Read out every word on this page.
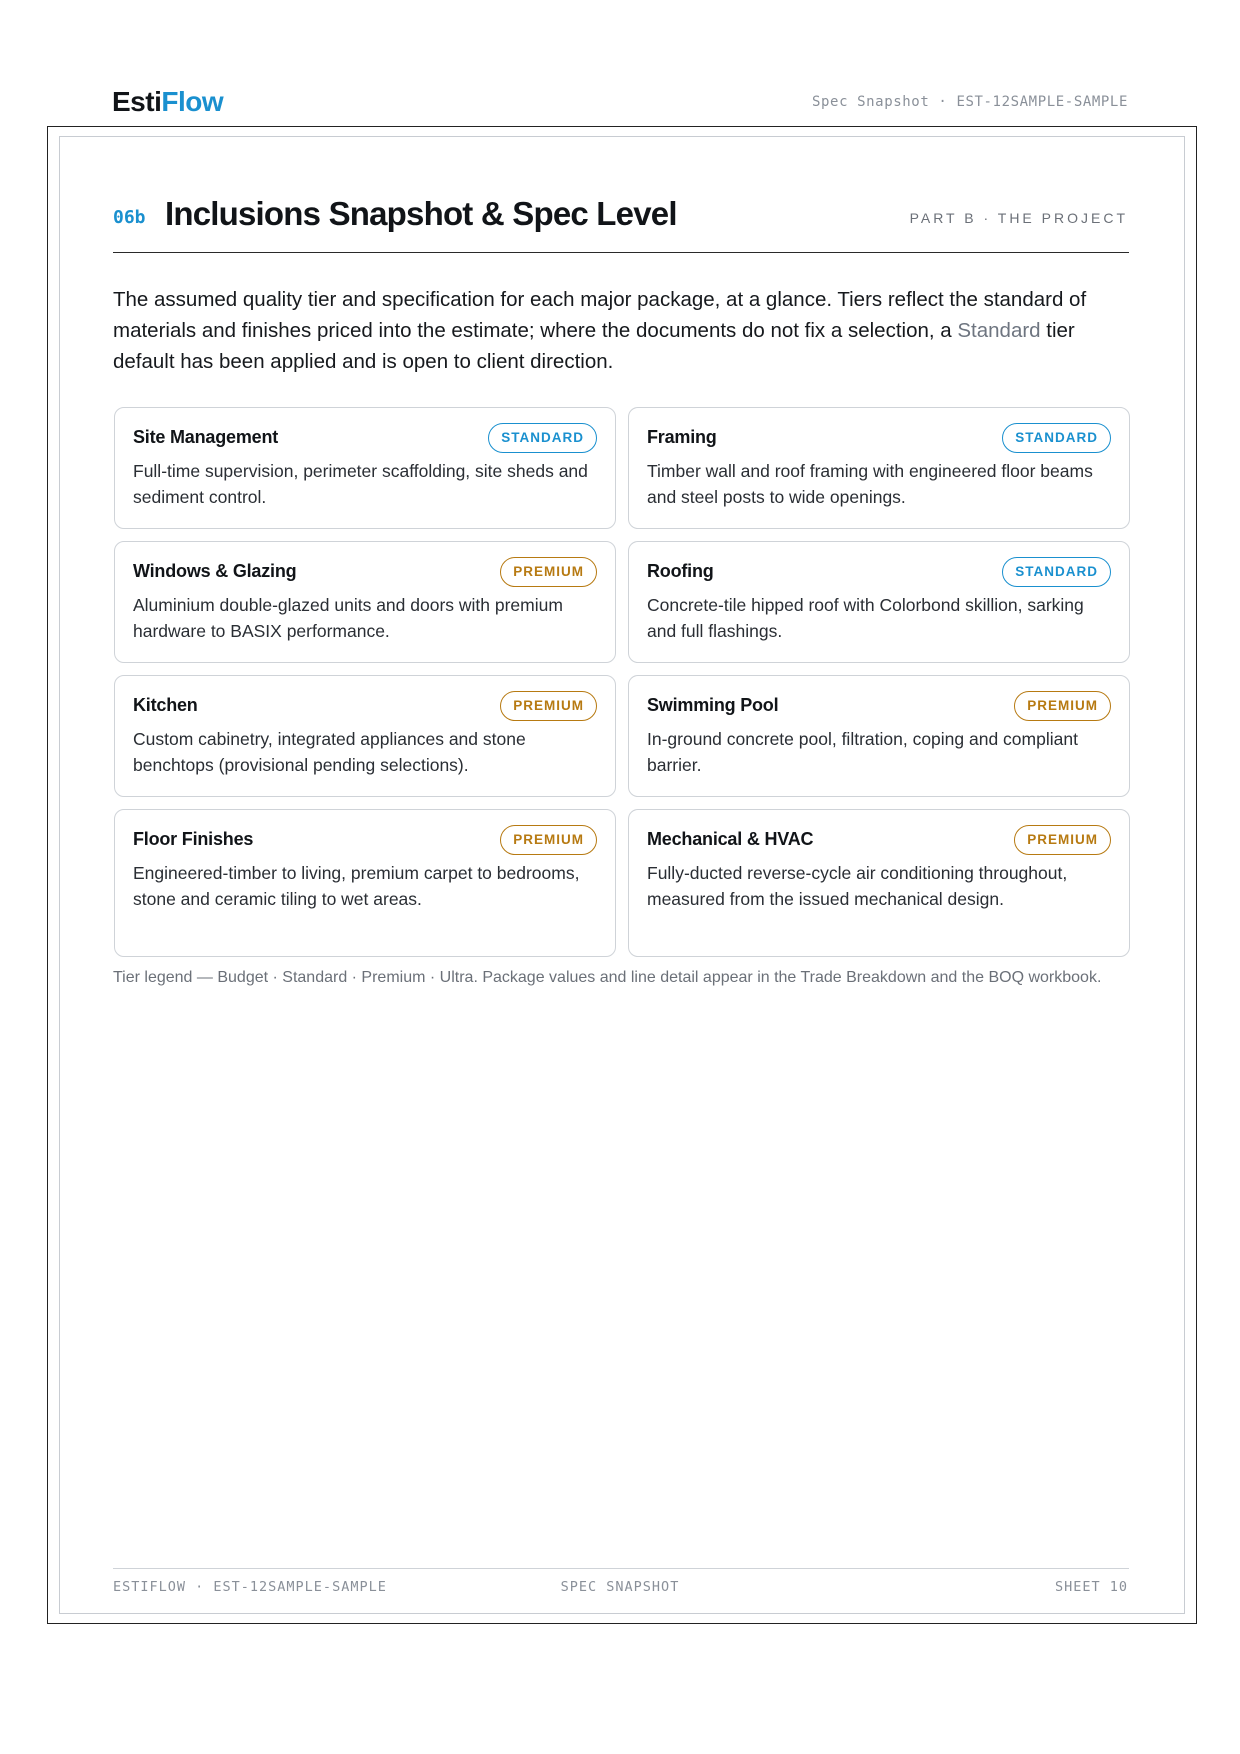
EstiFlow	Spec Snapshot · EST-12SAMPLE-SAMPLE
06b Inclusions Snapshot & Spec Level	PART B · THE PROJECT
The assumed quality tier and specification for each major package, at a glance. Tiers reflect the standard of materials and finishes priced into the estimate; where the documents do not fix a selection, a Standard tier default has been applied and is open to client direction.
Site Management	STANDARD
Full-time supervision, perimeter scaffolding, site sheds and sediment control.
Framing	STANDARD
Timber wall and roof framing with engineered floor beams and steel posts to wide openings.
Windows & Glazing	PREMIUM
Aluminium double-glazed units and doors with premium hardware to BASIX performance.
Roofing	STANDARD
Concrete-tile hipped roof with Colorbond skillion, sarking and full flashings.
Kitchen	PREMIUM
Custom cabinetry, integrated appliances and stone benchtops (provisional pending selections).
Swimming Pool	PREMIUM
In-ground concrete pool, filtration, coping and compliant barrier.
Floor Finishes	PREMIUM
Engineered-timber to living, premium carpet to bedrooms, stone and ceramic tiling to wet areas.
Mechanical & HVAC	PREMIUM
Fully-ducted reverse-cycle air conditioning throughout, measured from the issued mechanical design.
Tier legend — Budget · Standard · Premium · Ultra. Package values and line detail appear in the Trade Breakdown and the BOQ workbook.
ESTIFLOW · EST-12SAMPLE-SAMPLE	SPEC SNAPSHOT	SHEET 10
